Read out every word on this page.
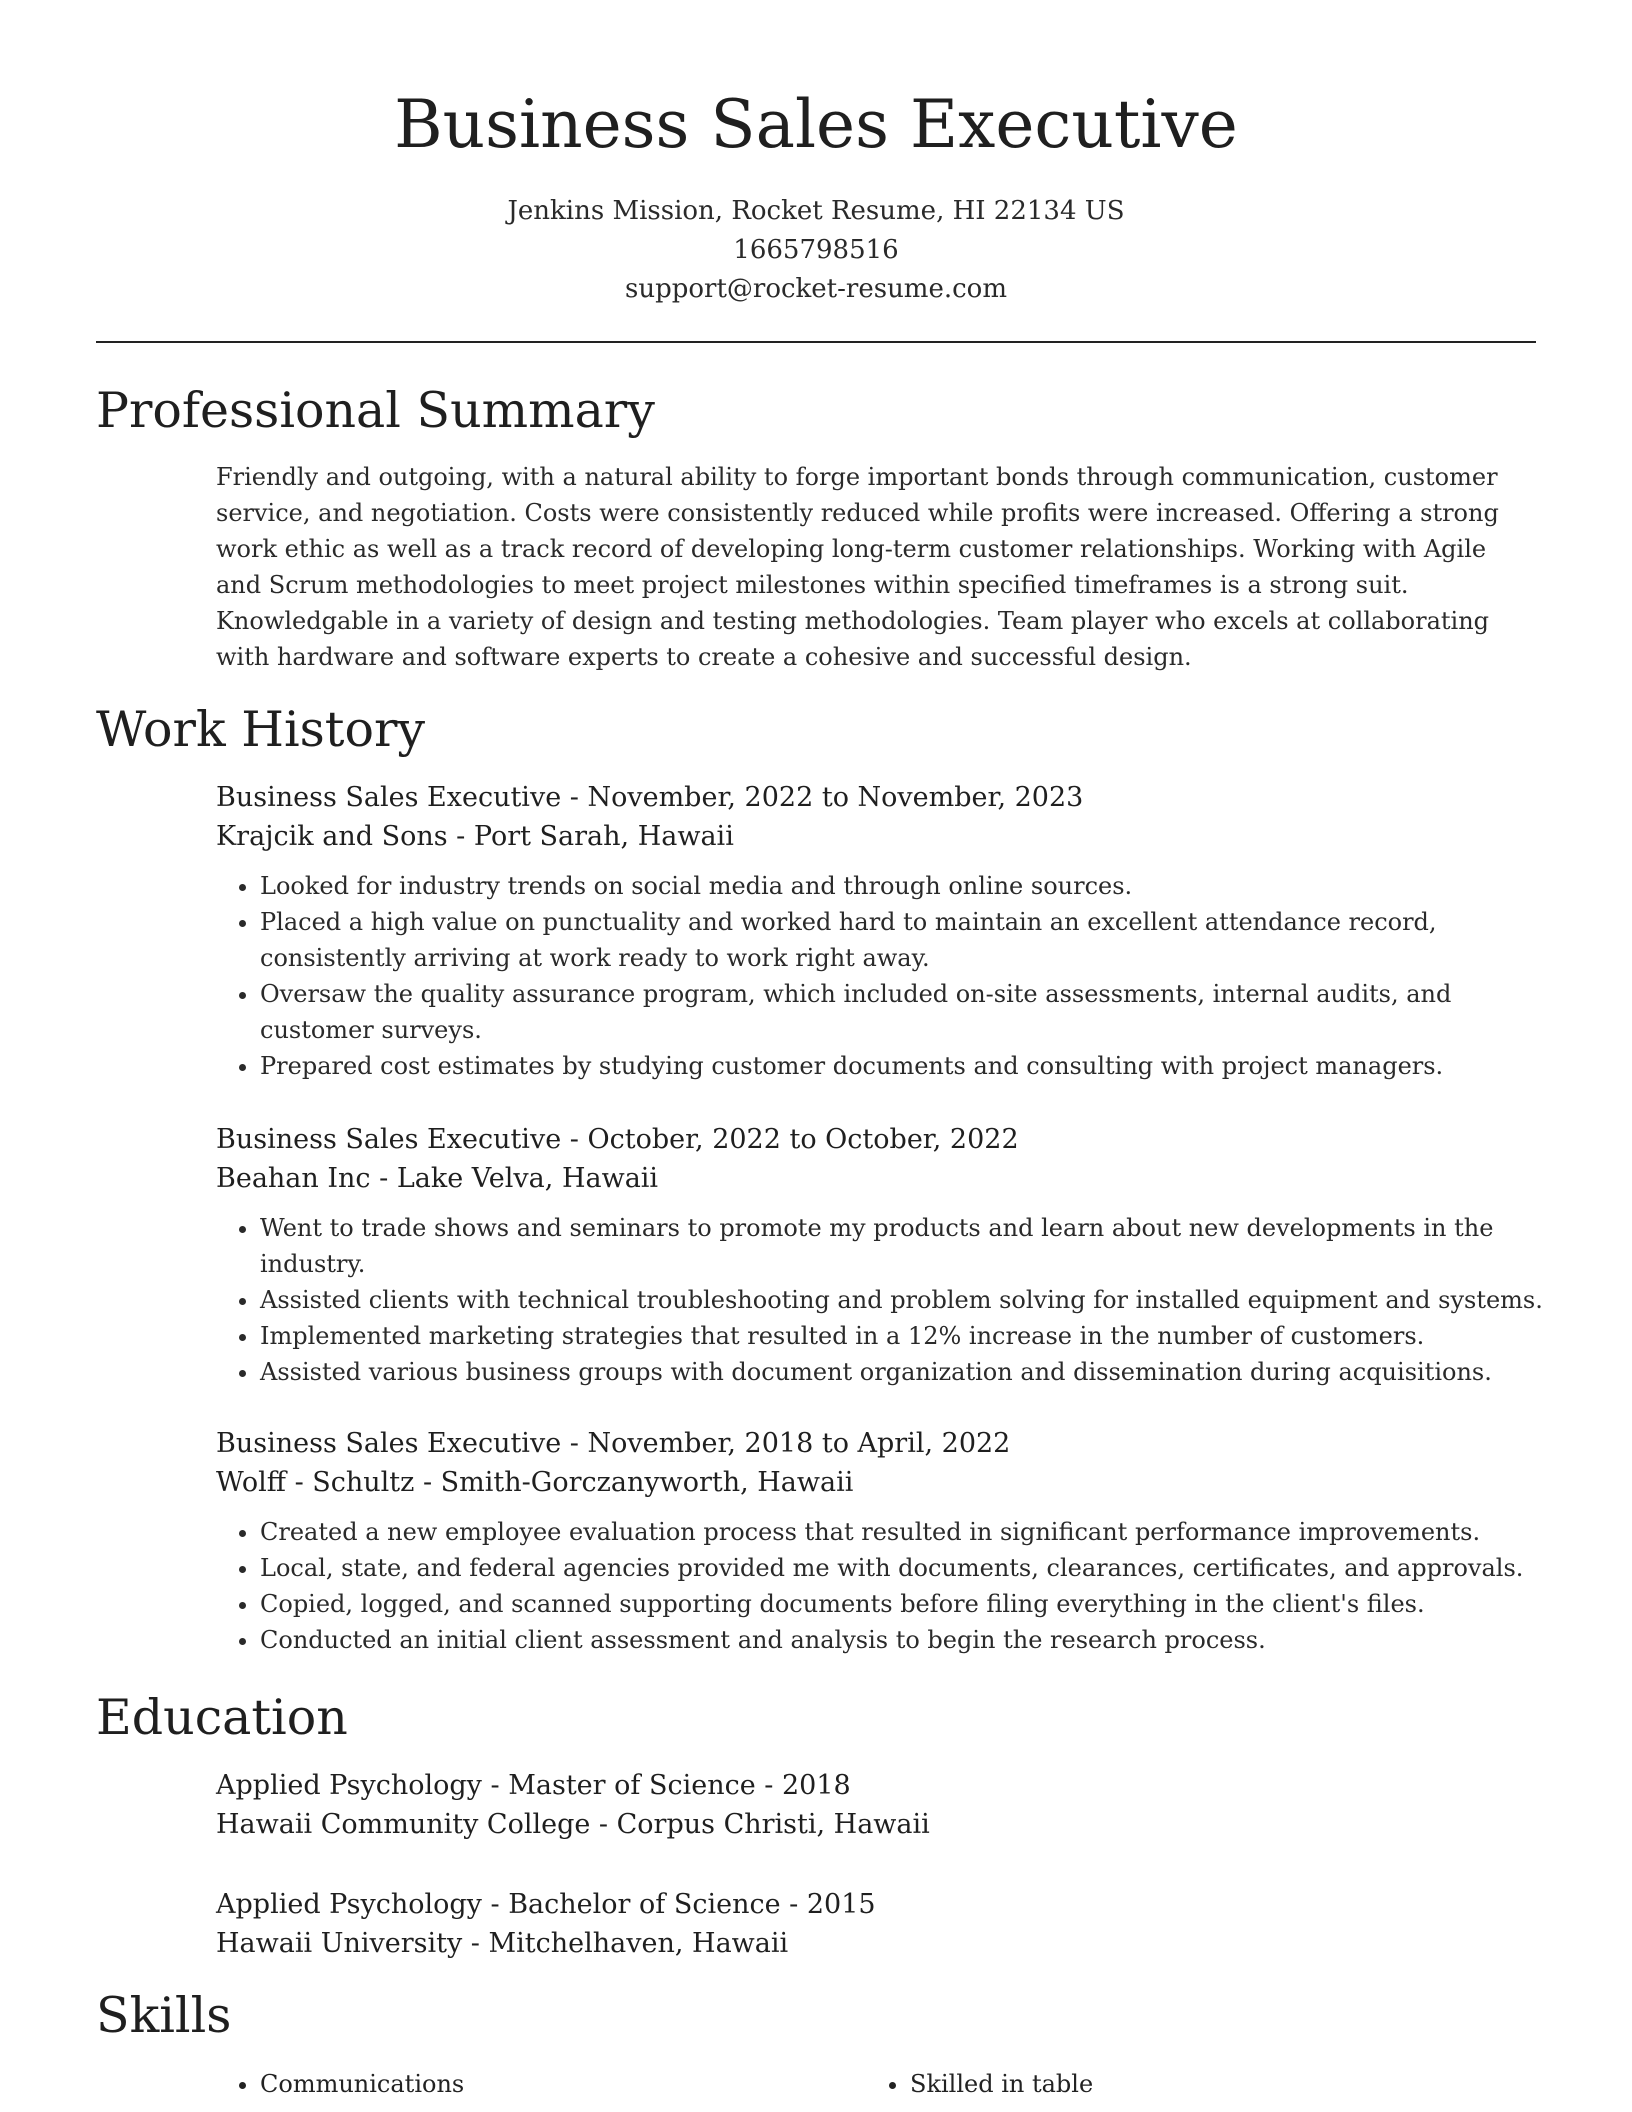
Business Sales Executive
Jenkins Mission, Rocket Resume, HI 22134 US
1665798516
support@rocket-resume.com
Professional Summary

Friendly and outgoing, with a natural ability to forge important bonds through communication, customer service, and negotiation. Costs were consistently reduced while profits were increased. Offering a strong work ethic as well as a track record of developing long-term customer relationships. Working with Agile and Scrum methodologies to meet project milestones within specified timeframes is a strong suit. Knowledgable in a variety of design and testing methodologies. Team player who excels at collaborating with hardware and software experts to create a cohesive and successful design.

Work History
Business Sales Executive - November, 2022 to November, 2023
Krajcik and Sons - Port Sarah, Hawaii
• Looked for industry trends on social media and through online sources.
• Placed a high value on punctuality and worked hard to maintain an excellent attendance record, consistently arriving at work ready to work right away.
• Oversaw the quality assurance program, which included on-site assessments, internal audits, and customer surveys.
• Prepared cost estimates by studying customer documents and consulting with project managers.
Business Sales Executive - October, 2022 to October, 2022
Beahan Inc - Lake Velva, Hawaii
• Went to trade shows and seminars to promote my products and learn about new developments in the industry.
• Assisted clients with technical troubleshooting and problem solving for installed equipment and systems.
• Implemented marketing strategies that resulted in a 12% increase in the number of customers.
• Assisted various business groups with document organization and dissemination during acquisitions.
Business Sales Executive - November, 2018 to April, 2022
Wolff - Schultz - Smith-Gorczanyworth, Hawaii
• Created a new employee evaluation process that resulted in significant performance improvements.
• Local, state, and federal agencies provided me with documents, clearances, certificates, and approvals.
• Copied, logged, and scanned supporting documents before filing everything in the client's files.
• Conducted an initial client assessment and analysis to begin the research process.
Education
Applied Psychology - Master of Science - 2018
Hawaii Community College - Corpus Christi, Hawaii
Applied Psychology - Bachelor of Science - 2015
Hawaii University - Mitchelhaven, Hawaii
Skills
• Communications
•	Skilled in table
